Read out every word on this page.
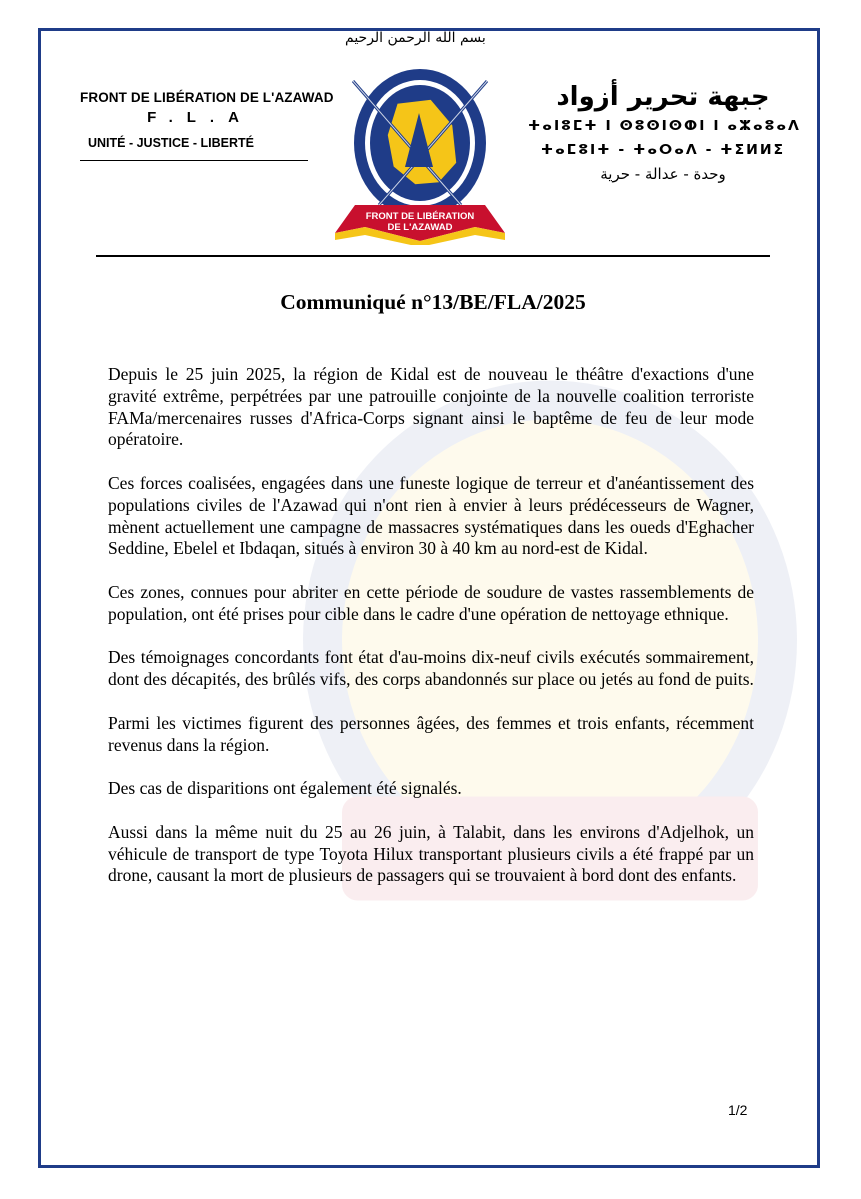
FRONT DE LIBÉRATION DE L'AZAWAD
F.L.A
UNITÉ - JUSTICE - LIBERTÉ
بسم الله الرحمن الرحيم
FRONT DE LIBÉRATION
DE L'AZAWAD
جبهة تحرير أزواد
ⵜⴰⵏⵓⵎⵜ ⵏ ⵙⵓⵙⵏⵙⵀⵏ ⵏ ⴰⵣⴰⵓⴰⴷ
ⵜⴰⵎⵓⵏⵜ - ⵜⴰⵔⴰⴷ - ⵜⵉⵍⵍⵉ
وحدة - عدالة - حرية
Communiqué n°13/BE/FLA/2025

Depuis le 25 juin 2025, la région de Kidal est de nouveau le théâtre d'exactions d'une gravité extrême, perpétrées par une patrouille conjointe de la nouvelle coalition terroriste FAMa/mercenaires russes d'Africa-Corps signant ainsi le baptême de feu de leur mode opératoire.

Ces forces coalisées, engagées dans une funeste logique de terreur et d'anéantissement des populations civiles de l'Azawad qui n'ont rien à envier à leurs prédécesseurs de Wagner, mènent actuellement une campagne de massacres systématiques dans les oueds d'Eghacher Seddine, Ebelel et Ibdaqan, situés à environ 30 à 40 km au nord-est de Kidal.

Ces zones, connues pour abriter en cette période de soudure de vastes rassemblements de population, ont été prises pour cible dans le cadre d'une opération de nettoyage ethnique.

Des témoignages concordants font état d'au-moins dix-neuf civils exécutés sommairement, dont des décapités, des brûlés vifs, des corps abandonnés sur place ou jetés au fond de puits.

Parmi les victimes figurent des personnes âgées, des femmes et trois enfants, récemment revenus dans la région.

Des cas de disparitions ont également été signalés.

Aussi dans la même nuit du 25 au 26 juin, à Talabit, dans les environs d'Adjelhok, un véhicule de transport de type Toyota Hilux transportant plusieurs civils a été frappé par un drone, causant la mort de plusieurs de passagers qui se trouvaient à bord dont des enfants.

1/2
